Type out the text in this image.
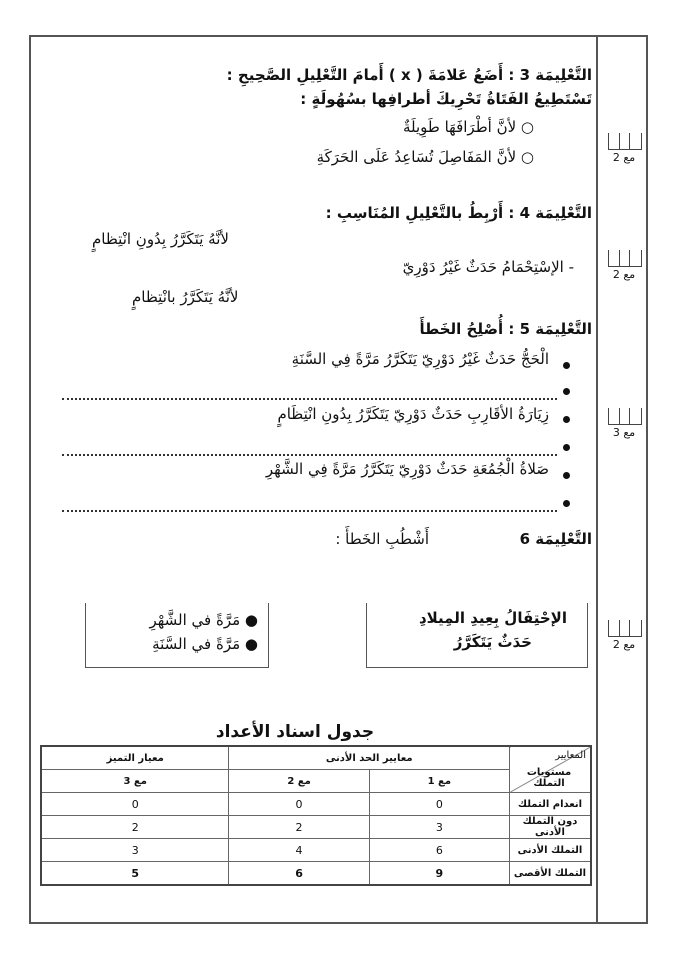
التَّعْلِيمَة 3 : أَضَعُ عَلامَةَ ( x ) أَمامَ التَّعْلِيلِ الصَّحِيحِ :
تَسْتَطِيعُ الفَتَاةُ تَحْرِيكَ أطرافِها بسُهُولَةٍ :
○ لأنَّ أطْرَافَهَا طَوِيلَةٌ
○ لأنَّ المَفَاصِلَ تُسَاعِدُ عَلَى الحَرَكَةِ	مع 2
التَّعْلِيمَة 4 : أَرْبِطُ بالتَّعْلِيلِ المُنَاسِبِ :
لأنَّهُ يَتَكَرَّرُ بِدُونِ انْتِظامٍ
- الإسْتِحْمَامُ حَدَثٌ غَيْرُ دَوْرِيّ
لأنَّهُ يَتَكَرَّرُ بانْتِظامٍ
مع 2
التَّعْلِيمَة 5 : أُصْلِحُ الخَطأَ
الْحَجُّ حَدَثٌ غَيْرُ دَوْرِيّ يَتَكَرَّرُ مَرَّةً فِي السَّنَةِ
زِيَارَةُ الأقَارِبِ حَدَثٌ دَوْرِيّ يَتَكَرَّرُ بِدُونِ انْتِظَامٍ
صَلاةُ الْجُمُعَةِ حَدَثٌ دَوْرِيّ يَتَكَرَّرُ مَرَّةً فِي الشَّهْرِ
مع 3
التَّعْلِيمَة 6
أَشْطُبِ الخَطأَ :
الإحْتِفَالُ بِعِيدِ المِيلادِ
حَدَثٌ يَتَكَرَّرُ
● مَرَّةً في الشَّهْرِ
● مَرَّةً في السَّنَةِ	مع 2
جدول اسناد الأعداد
المعايير
مستويات التملك	معايير الحد الأدنى		معيار التميز
	مع 1	مع 2	مع 3
انعدام التملك	0	0	0
دون التملك الأدنى	3	2	2
التملك الأدنى	6	4	3
التملك الأقصى	9	6	5
